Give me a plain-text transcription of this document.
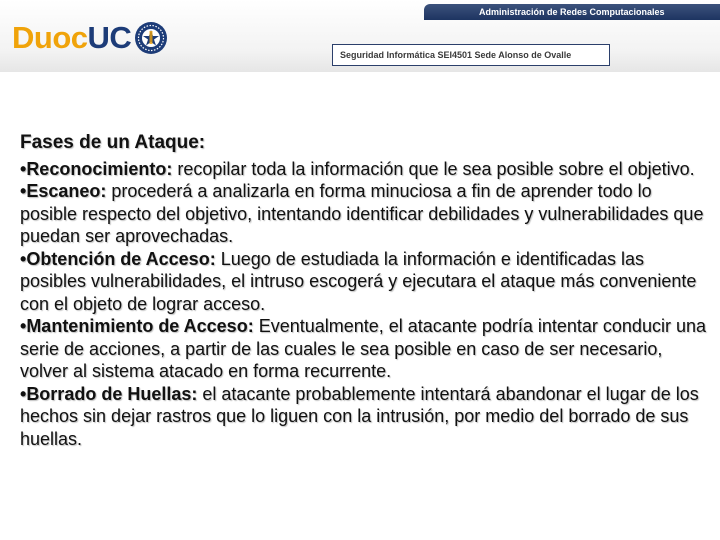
Administración de Redes Computacionales
Duoc UC	Seguridad Informática SEI4501 Sede Alonso de Ovalle
Fases de un Ataque:
•Reconocimiento: recopilar toda la información que le sea posible sobre el objetivo.
•Escaneo: procederá a analizarla en forma minuciosa a fin de aprender todo lo posible respecto del objetivo, intentando identificar debilidades y vulnerabilidades que puedan ser aprovechadas.
•Obtención de Acceso: Luego de estudiada la información e identificadas las posibles vulnerabilidades, el intruso escogerá y ejecutara el ataque más conveniente con el objeto de lograr acceso.
•Mantenimiento de Acceso: Eventualmente, el atacante podría intentar conducir una serie de acciones, a partir de las cuales le sea posible en caso de ser necesario, volver al sistema atacado en forma recurrente.
•Borrado de Huellas: el atacante probablemente intentará abandonar el lugar de los hechos sin dejar rastros que lo liguen con la intrusión, por medio del borrado de sus huellas.
